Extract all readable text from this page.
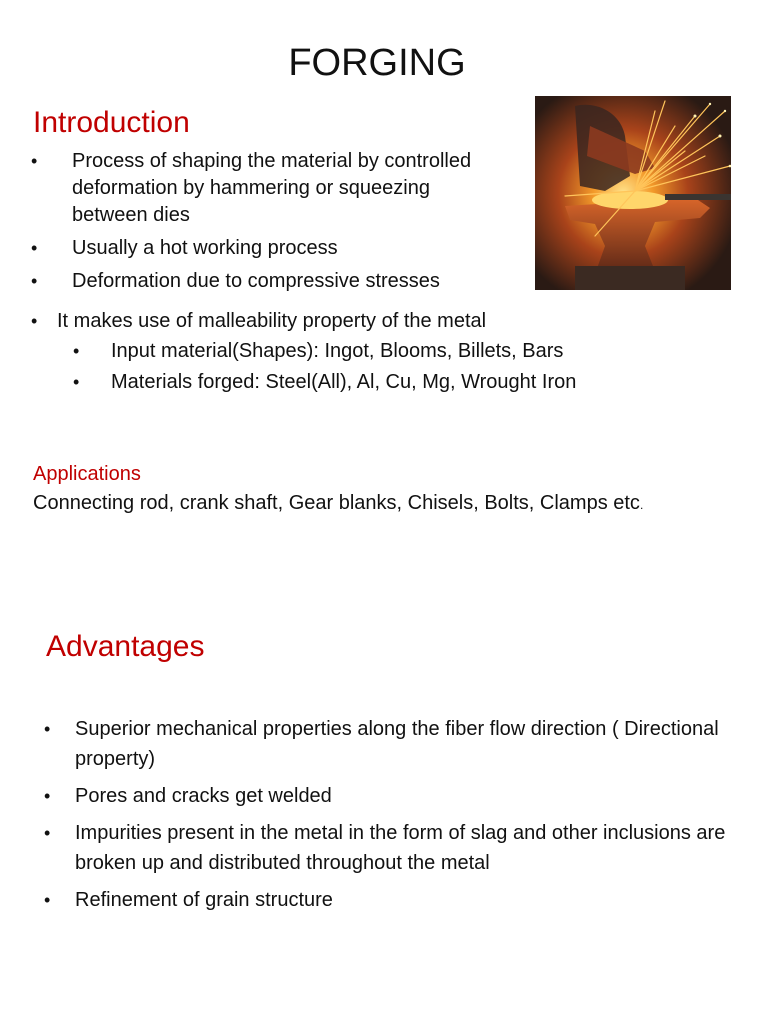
FORGING
Introduction
•	Process of shaping the material by controlled deformation by hammering or squeezing between dies
•	Usually a hot working process
•	Deformation due to compressive stresses
• It makes use of malleability property of the metal
•	Input material(Shapes): Ingot, Blooms, Billets, Bars
•	Materials forged: Steel(All), Al, Cu, Mg, Wrought Iron
Applications
Connecting rod, crank shaft, Gear blanks, Chisels, Bolts, Clamps etc.
Advantages
•	Superior mechanical properties along the fiber flow direction ( Directional property)
•	Pores and cracks get welded
•	Impurities present in the metal in the form of slag and other inclusions are broken up and distributed throughout the metal
•	Refinement of grain structure
